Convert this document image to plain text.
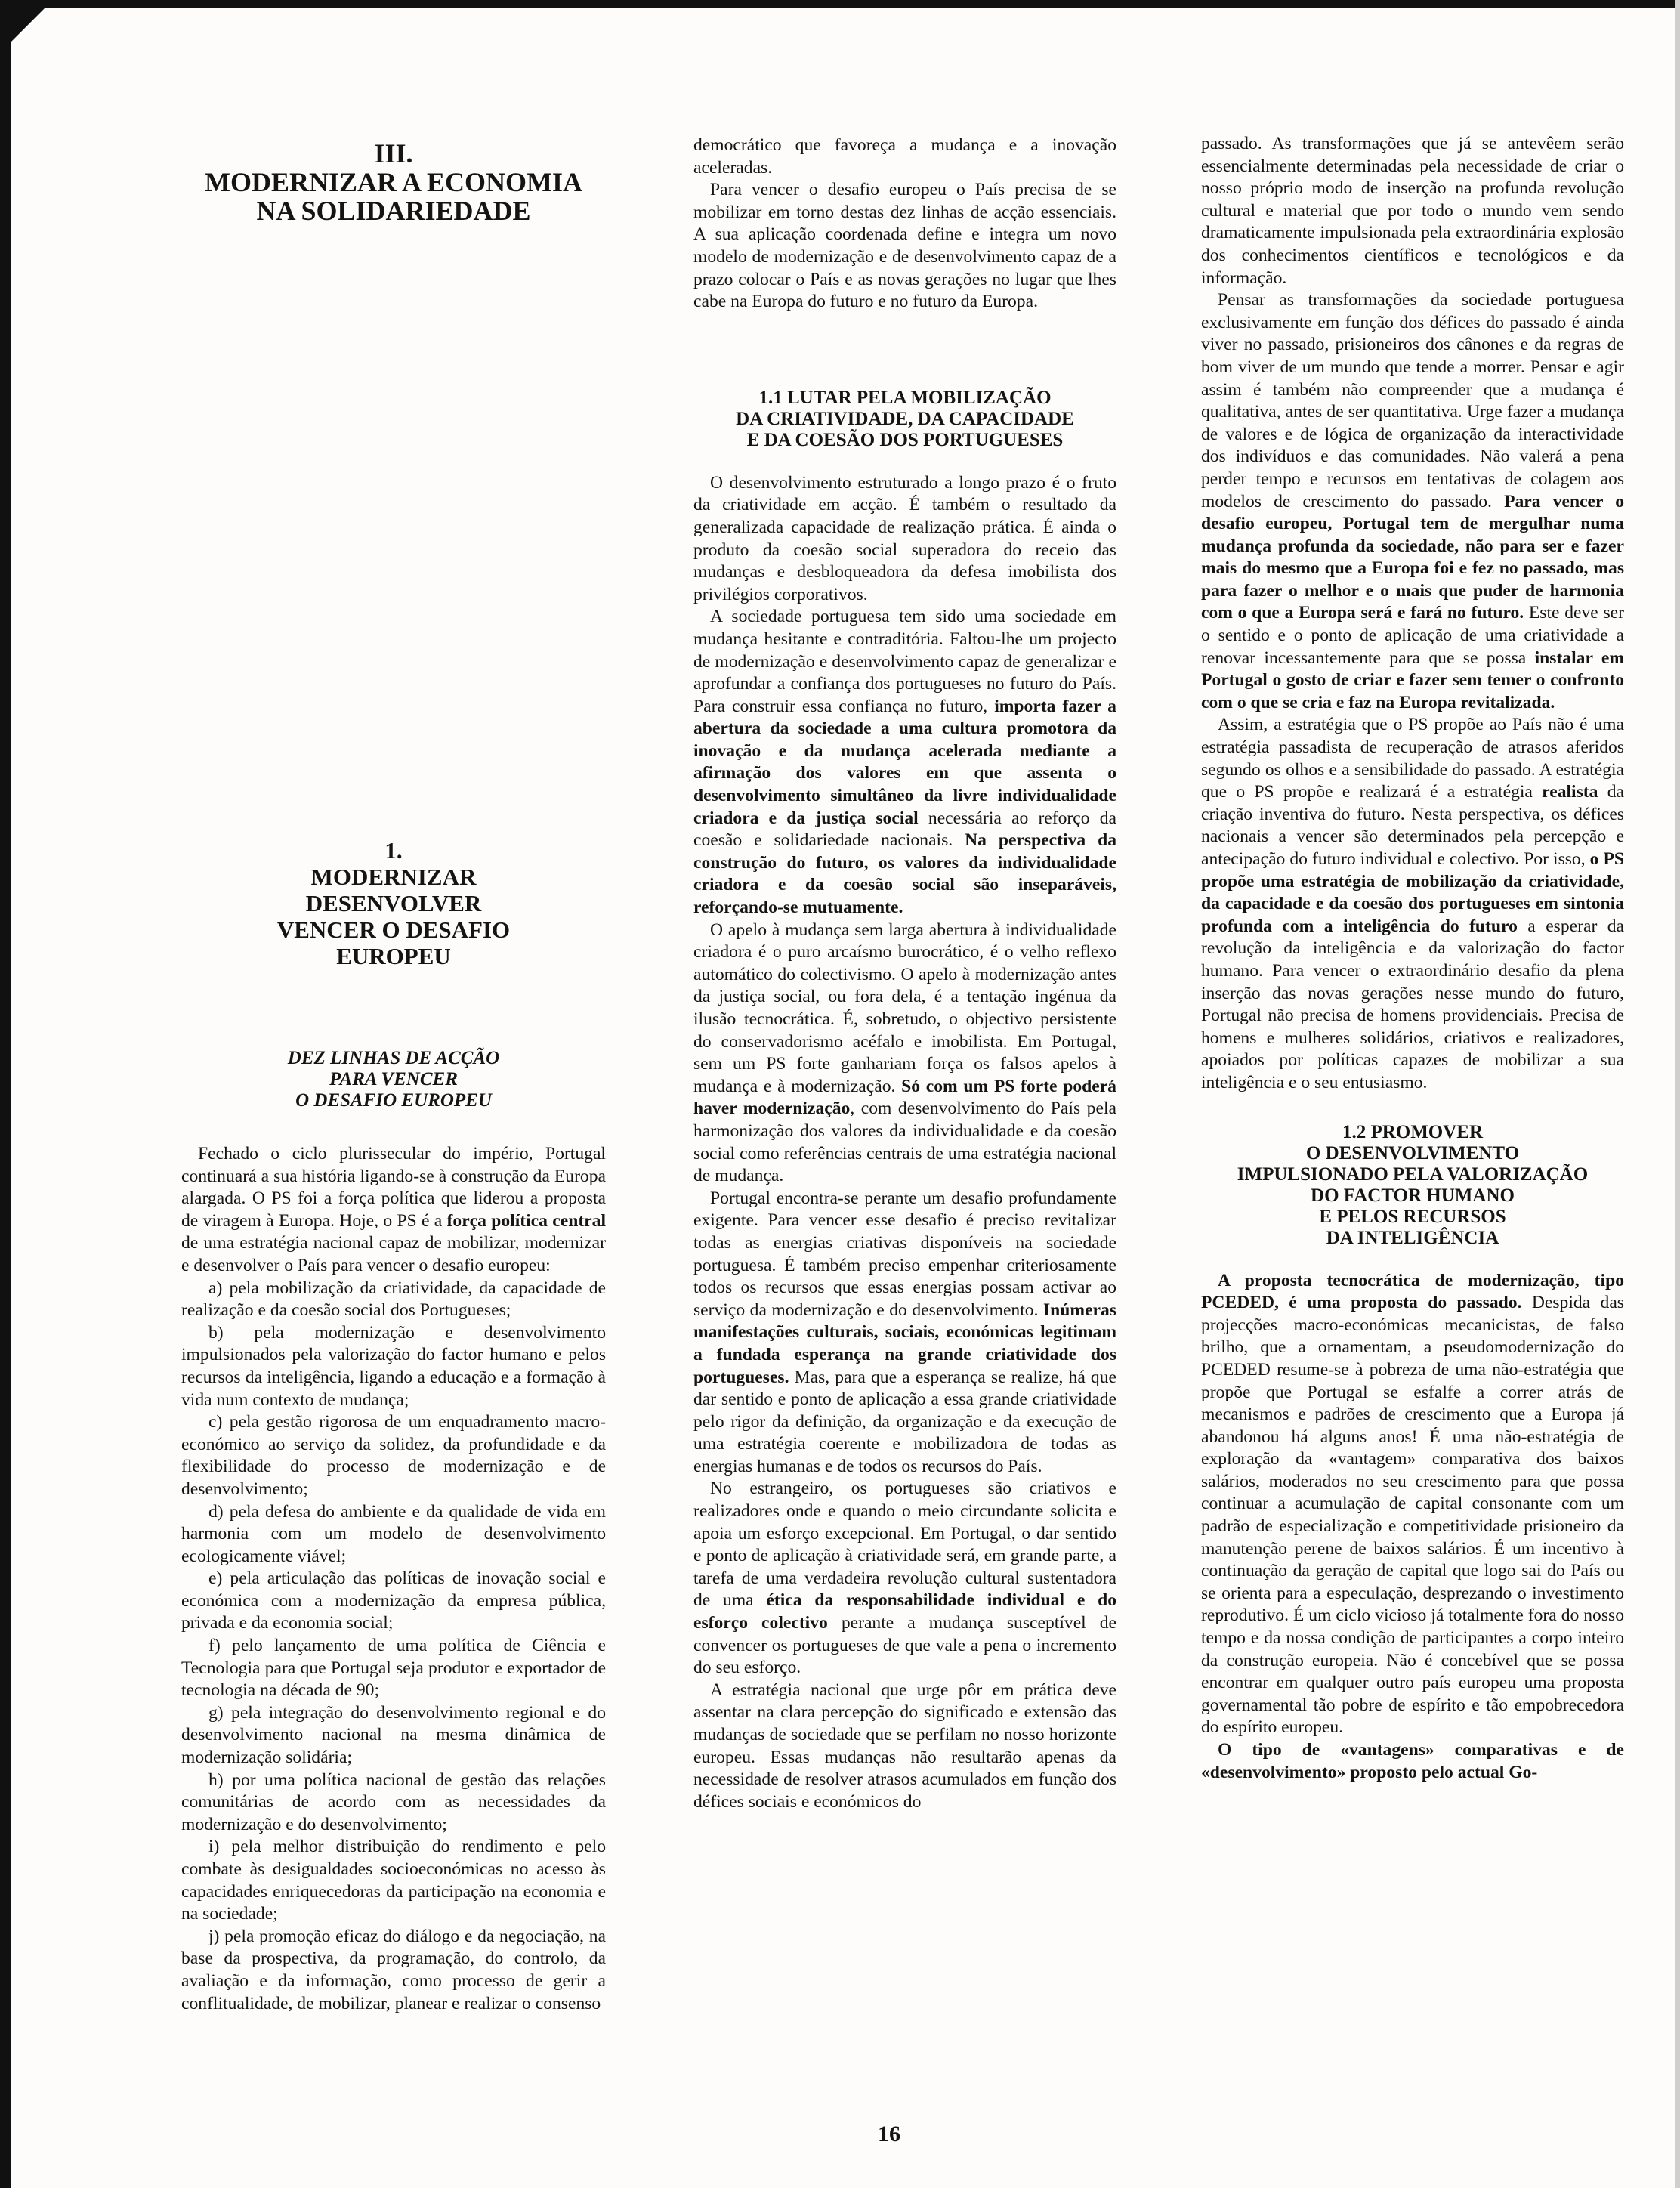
III.
MODERNIZAR A ECONOMIA
NA SOLIDARIEDADE
1.
MODERNIZAR
DESENVOLVER
VENCER O DESAFIO
EUROPEU
DEZ LINHAS DE ACÇÃO
PARA VENCER
O DESAFIO EUROPEU

Fechado o ciclo plurissecular do império, Portugal continuará a sua história ligando-se à construção da Europa alargada. O PS foi a força política que liderou a proposta de viragem à Europa. Hoje, o PS é a força política central de uma estratégia nacional capaz de mobilizar, modernizar e desenvolver o País para vencer o desafio europeu:

a) pela mobilização da criatividade, da capacidade de realização e da coesão social dos Portugueses;

b) pela modernização e desenvolvimento impulsionados pela valorização do factor humano e pelos recursos da inteligência, ligando a educação e a formação à vida num contexto de mudança;

c) pela gestão rigorosa de um enquadramento macro-económico ao serviço da solidez, da profundidade e da flexibilidade do processo de modernização e de desenvolvimento;

d) pela defesa do ambiente e da qualidade de vida em harmonia com um modelo de desenvolvimento ecologicamente viável;

e) pela articulação das políticas de inovação social e económica com a modernização da empresa pública, privada e da economia social;

f) pelo lançamento de uma política de Ciência e Tecnologia para que Portugal seja produtor e exportador de tecnologia na década de 90;

g) pela integração do desenvolvimento regional e do desenvolvimento nacional na mesma dinâmica de modernização solidária;

h) por uma política nacional de gestão das relações comunitárias de acordo com as necessidades da modernização e do desenvolvimento;

i) pela melhor distribuição do rendimento e pelo combate às desigualdades socioeconómicas no acesso às capacidades enriquecedoras da participação na economia e na sociedade;

j) pela promoção eficaz do diálogo e da negociação, na base da prospectiva, da programação, do controlo, da avaliação e da informação, como processo de gerir a conflitualidade, de mobilizar, planear e realizar o consenso

democrático que favoreça a mudança e a inovação aceleradas.

Para vencer o desafio europeu o País precisa de se mobilizar em torno destas dez linhas de acção essenciais. A sua aplicação coordenada define e integra um novo modelo de modernização e de desenvolvimento capaz de a prazo colocar o País e as novas gerações no lugar que lhes cabe na Europa do futuro e no futuro da Europa.

1.1 LUTAR PELA MOBILIZAÇÃO
DA CRIATIVIDADE, DA CAPACIDADE
E DA COESÃO DOS PORTUGUESES

O desenvolvimento estruturado a longo prazo é o fruto da criatividade em acção. É também o resultado da generalizada capacidade de realização prática. É ainda o produto da coesão social superadora do receio das mudanças e desbloqueadora da defesa imobilista dos privilégios corporativos.

A sociedade portuguesa tem sido uma sociedade em mudança hesitante e contraditória. Faltou-lhe um projecto de modernização e desenvolvimento capaz de generalizar e aprofundar a confiança dos portugueses no futuro do País. Para construir essa confiança no futuro, importa fazer a abertura da sociedade a uma cultura promotora da inovação e da mudança acelerada mediante a afirmação dos valores em que assenta o desenvolvimento simultâneo da livre individualidade criadora e da justiça social necessária ao reforço da coesão e solidariedade nacionais. Na perspectiva da construção do futuro, os valores da individualidade criadora e da coesão social são inseparáveis, reforçando-se mutuamente.

O apelo à mudança sem larga abertura à individualidade criadora é o puro arcaísmo burocrático, é o velho reflexo automático do colectivismo. O apelo à modernização antes da justiça social, ou fora dela, é a tentação ingénua da ilusão tecnocrática. É, sobretudo, o objectivo persistente do conservadorismo acéfalo e imobilista. Em Portugal, sem um PS forte ganhariam força os falsos apelos à mudança e à modernização. Só com um PS forte poderá haver modernização, com desenvolvimento do País pela harmonização dos valores da individualidade e da coesão social como referências centrais de uma estratégia nacional de mudança.

Portugal encontra-se perante um desafio profundamente exigente. Para vencer esse desafio é preciso revitalizar todas as energias criativas disponíveis na sociedade portuguesa. É também preciso empenhar criteriosamente todos os recursos que essas energias possam activar ao serviço da modernização e do desenvolvimento. Inúmeras manifestações culturais, sociais, económicas legitimam a fundada esperança na grande criatividade dos portugueses. Mas, para que a esperança se realize, há que dar sentido e ponto de aplicação a essa grande criatividade pelo rigor da definição, da organização e da execução de uma estratégia coerente e mobilizadora de todas as energias humanas e de todos os recursos do País.

No estrangeiro, os portugueses são criativos e realizadores onde e quando o meio circundante solicita e apoia um esforço excepcional. Em Portugal, o dar sentido e ponto de aplicação à criatividade será, em grande parte, a tarefa de uma verdadeira revolução cultural sustentadora de uma ética da responsabilidade individual e do esforço colectivo perante a mudança susceptível de convencer os portugueses de que vale a pena o incremento do seu esforço.

A estratégia nacional que urge pôr em prática deve assentar na clara percepção do significado e extensão das mudanças de sociedade que se perfilam no nosso horizonte europeu. Essas mudanças não resultarão apenas da necessidade de resolver atrasos acumulados em função dos défices sociais e económicos do

passado. As transformações que já se antevêem serão essencialmente determinadas pela necessidade de criar o nosso próprio modo de inserção na profunda revolução cultural e material que por todo o mundo vem sendo dramaticamente impulsionada pela extraordinária explosão dos conhecimentos científicos e tecnológicos e da informação.

Pensar as transformações da sociedade portuguesa exclusivamente em função dos défices do passado é ainda viver no passado, prisioneiros dos cânones e da regras de bom viver de um mundo que tende a morrer. Pensar e agir assim é também não compreender que a mudança é qualitativa, antes de ser quantitativa. Urge fazer a mudança de valores e de lógica de organização da interactividade dos indivíduos e das comunidades. Não valerá a pena perder tempo e recursos em tentativas de colagem aos modelos de crescimento do passado. Para vencer o desafio europeu, Portugal tem de mergulhar numa mudança profunda da sociedade, não para ser e fazer mais do mesmo que a Europa foi e fez no passado, mas para fazer o melhor e o mais que puder de harmonia com o que a Europa será e fará no futuro. Este deve ser o sentido e o ponto de aplicação de uma criatividade a renovar incessantemente para que se possa instalar em Portugal o gosto de criar e fazer sem temer o confronto com o que se cria e faz na Europa revitalizada.

Assim, a estratégia que o PS propõe ao País não é uma estratégia passadista de recuperação de atrasos aferidos segundo os olhos e a sensibilidade do passado. A estratégia que o PS propõe e realizará é a estratégia realista da criação inventiva do futuro. Nesta perspectiva, os défices nacionais a vencer são determinados pela percepção e antecipação do futuro individual e colectivo. Por isso, o PS propõe uma estratégia de mobilização da criatividade, da capacidade e da coesão dos portugueses em sintonia profunda com a inteligência do futuro a esperar da revolução da inteligência e da valorização do factor humano. Para vencer o extraordinário desafio da plena inserção das novas gerações nesse mundo do futuro, Portugal não precisa de homens providenciais. Precisa de homens e mulheres solidários, criativos e realizadores, apoiados por políticas capazes de mobilizar a sua inteligência e o seu entusiasmo.

1.2 PROMOVER
O DESENVOLVIMENTO
IMPULSIONADO PELA VALORIZAÇÃO
DO FACTOR HUMANO
E PELOS RECURSOS
DA INTELIGÊNCIA

A proposta tecnocrática de modernização, tipo PCEDED, é uma proposta do passado. Despida das projecções macro-económicas mecanicistas, de falso brilho, que a ornamentam, a pseudomodernização do PCEDED resume-se à pobreza de uma não-estratégia que propõe que Portugal se esfalfe a correr atrás de mecanismos e padrões de crescimento que a Europa já abandonou há alguns anos! É uma não-estratégia de exploração da «vantagem» comparativa dos baixos salários, moderados no seu crescimento para que possa continuar a acumulação de capital consonante com um padrão de especialização e competitividade prisioneiro da manutenção perene de baixos salários. É um incentivo à continuação da geração de capital que logo sai do País ou se orienta para a especulação, desprezando o investimento reprodutivo. É um ciclo vicioso já totalmente fora do nosso tempo e da nossa condição de participantes a corpo inteiro da construção europeia. Não é concebível que se possa encontrar em qualquer outro país europeu uma proposta governamental tão pobre de espírito e tão empobrecedora do espírito europeu.

O tipo de «vantagens» comparativas e de «desenvolvimento» proposto pelo actual Go-

16
